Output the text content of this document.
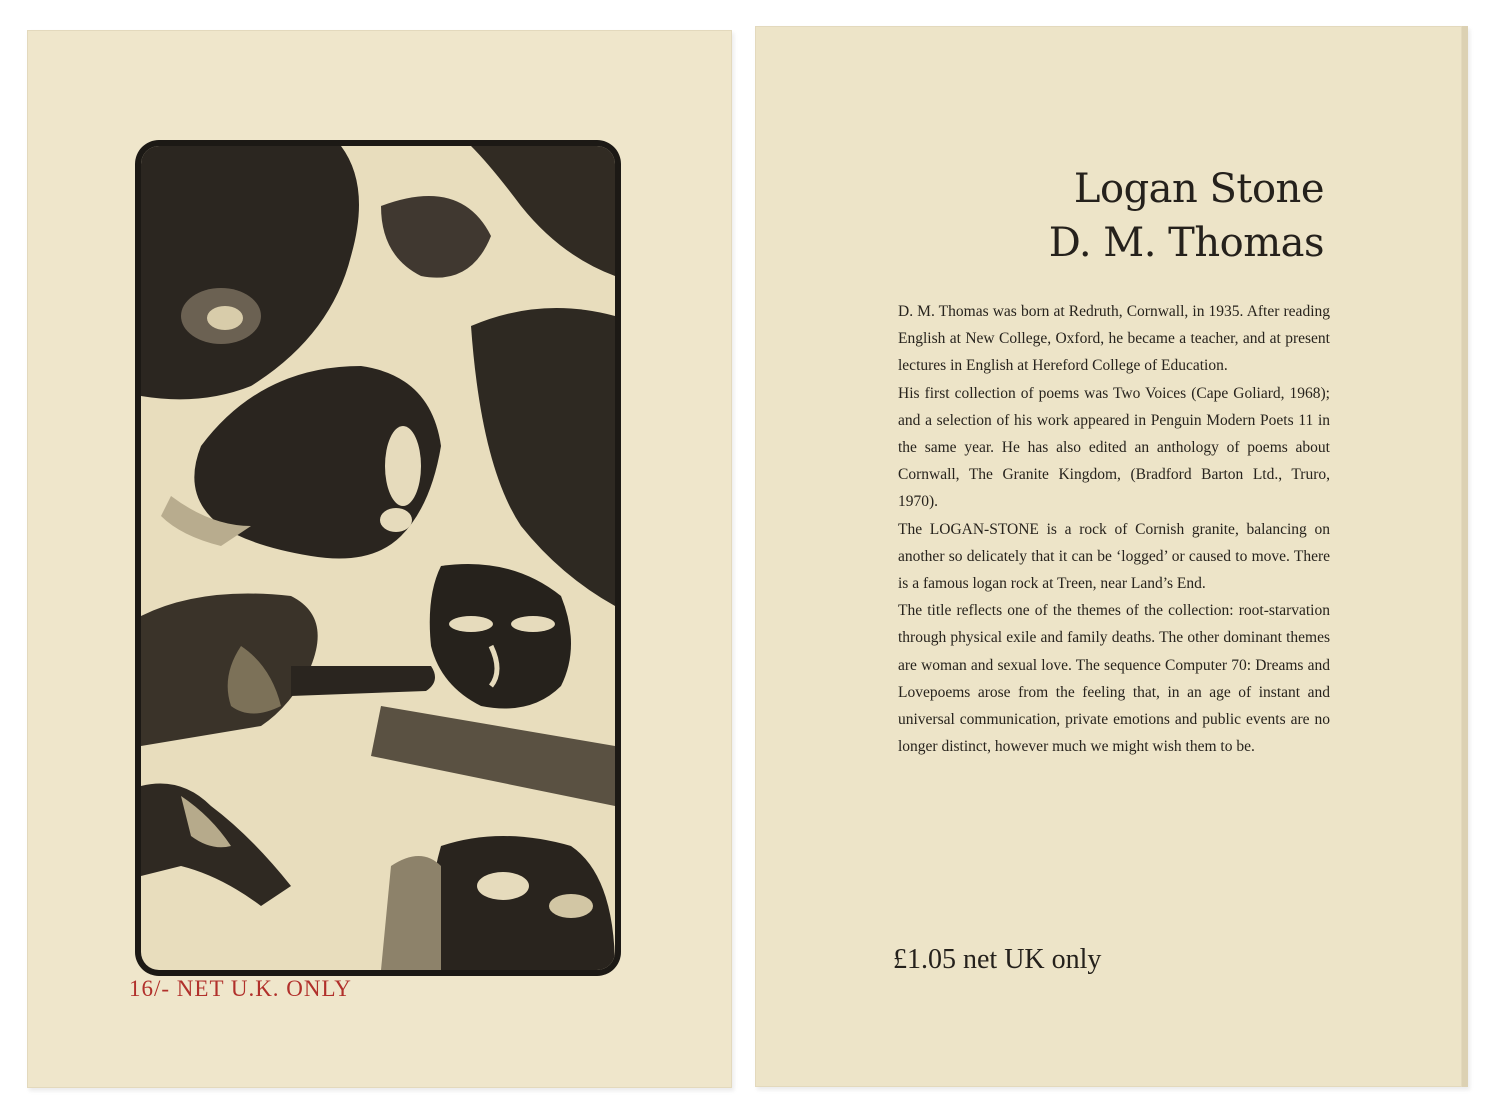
16/- NET U.K. ONLY
Logan Stone
D. M. Thomas

D. M. Thomas was born at Redruth, Cornwall, in 1935. After reading English at New College, Oxford, he became a teacher, and at present lectures in English at Hereford College of Education.

His first collection of poems was Two Voices (Cape Goliard, 1968); and a selection of his work appeared in Penguin Modern Poets 11 in the same year. He has also edited an anthology of poems about Cornwall, The Granite Kingdom, (Bradford Barton Ltd., Truro, 1970).

The LOGAN-STONE is a rock of Cornish granite, balancing on another so delicately that it can be ‘logged’ or caused to move. There is a famous logan rock at Treen, near Land’s End.

The title reflects one of the themes of the collection: root-starvation through physical exile and family deaths. The other dominant themes are woman and sexual love. The sequence Computer 70: Dreams and Lovepoems arose from the feeling that, in an age of instant and universal communication, private emotions and public events are no longer distinct, however much we might wish them to be.

£1.05 net UK only
